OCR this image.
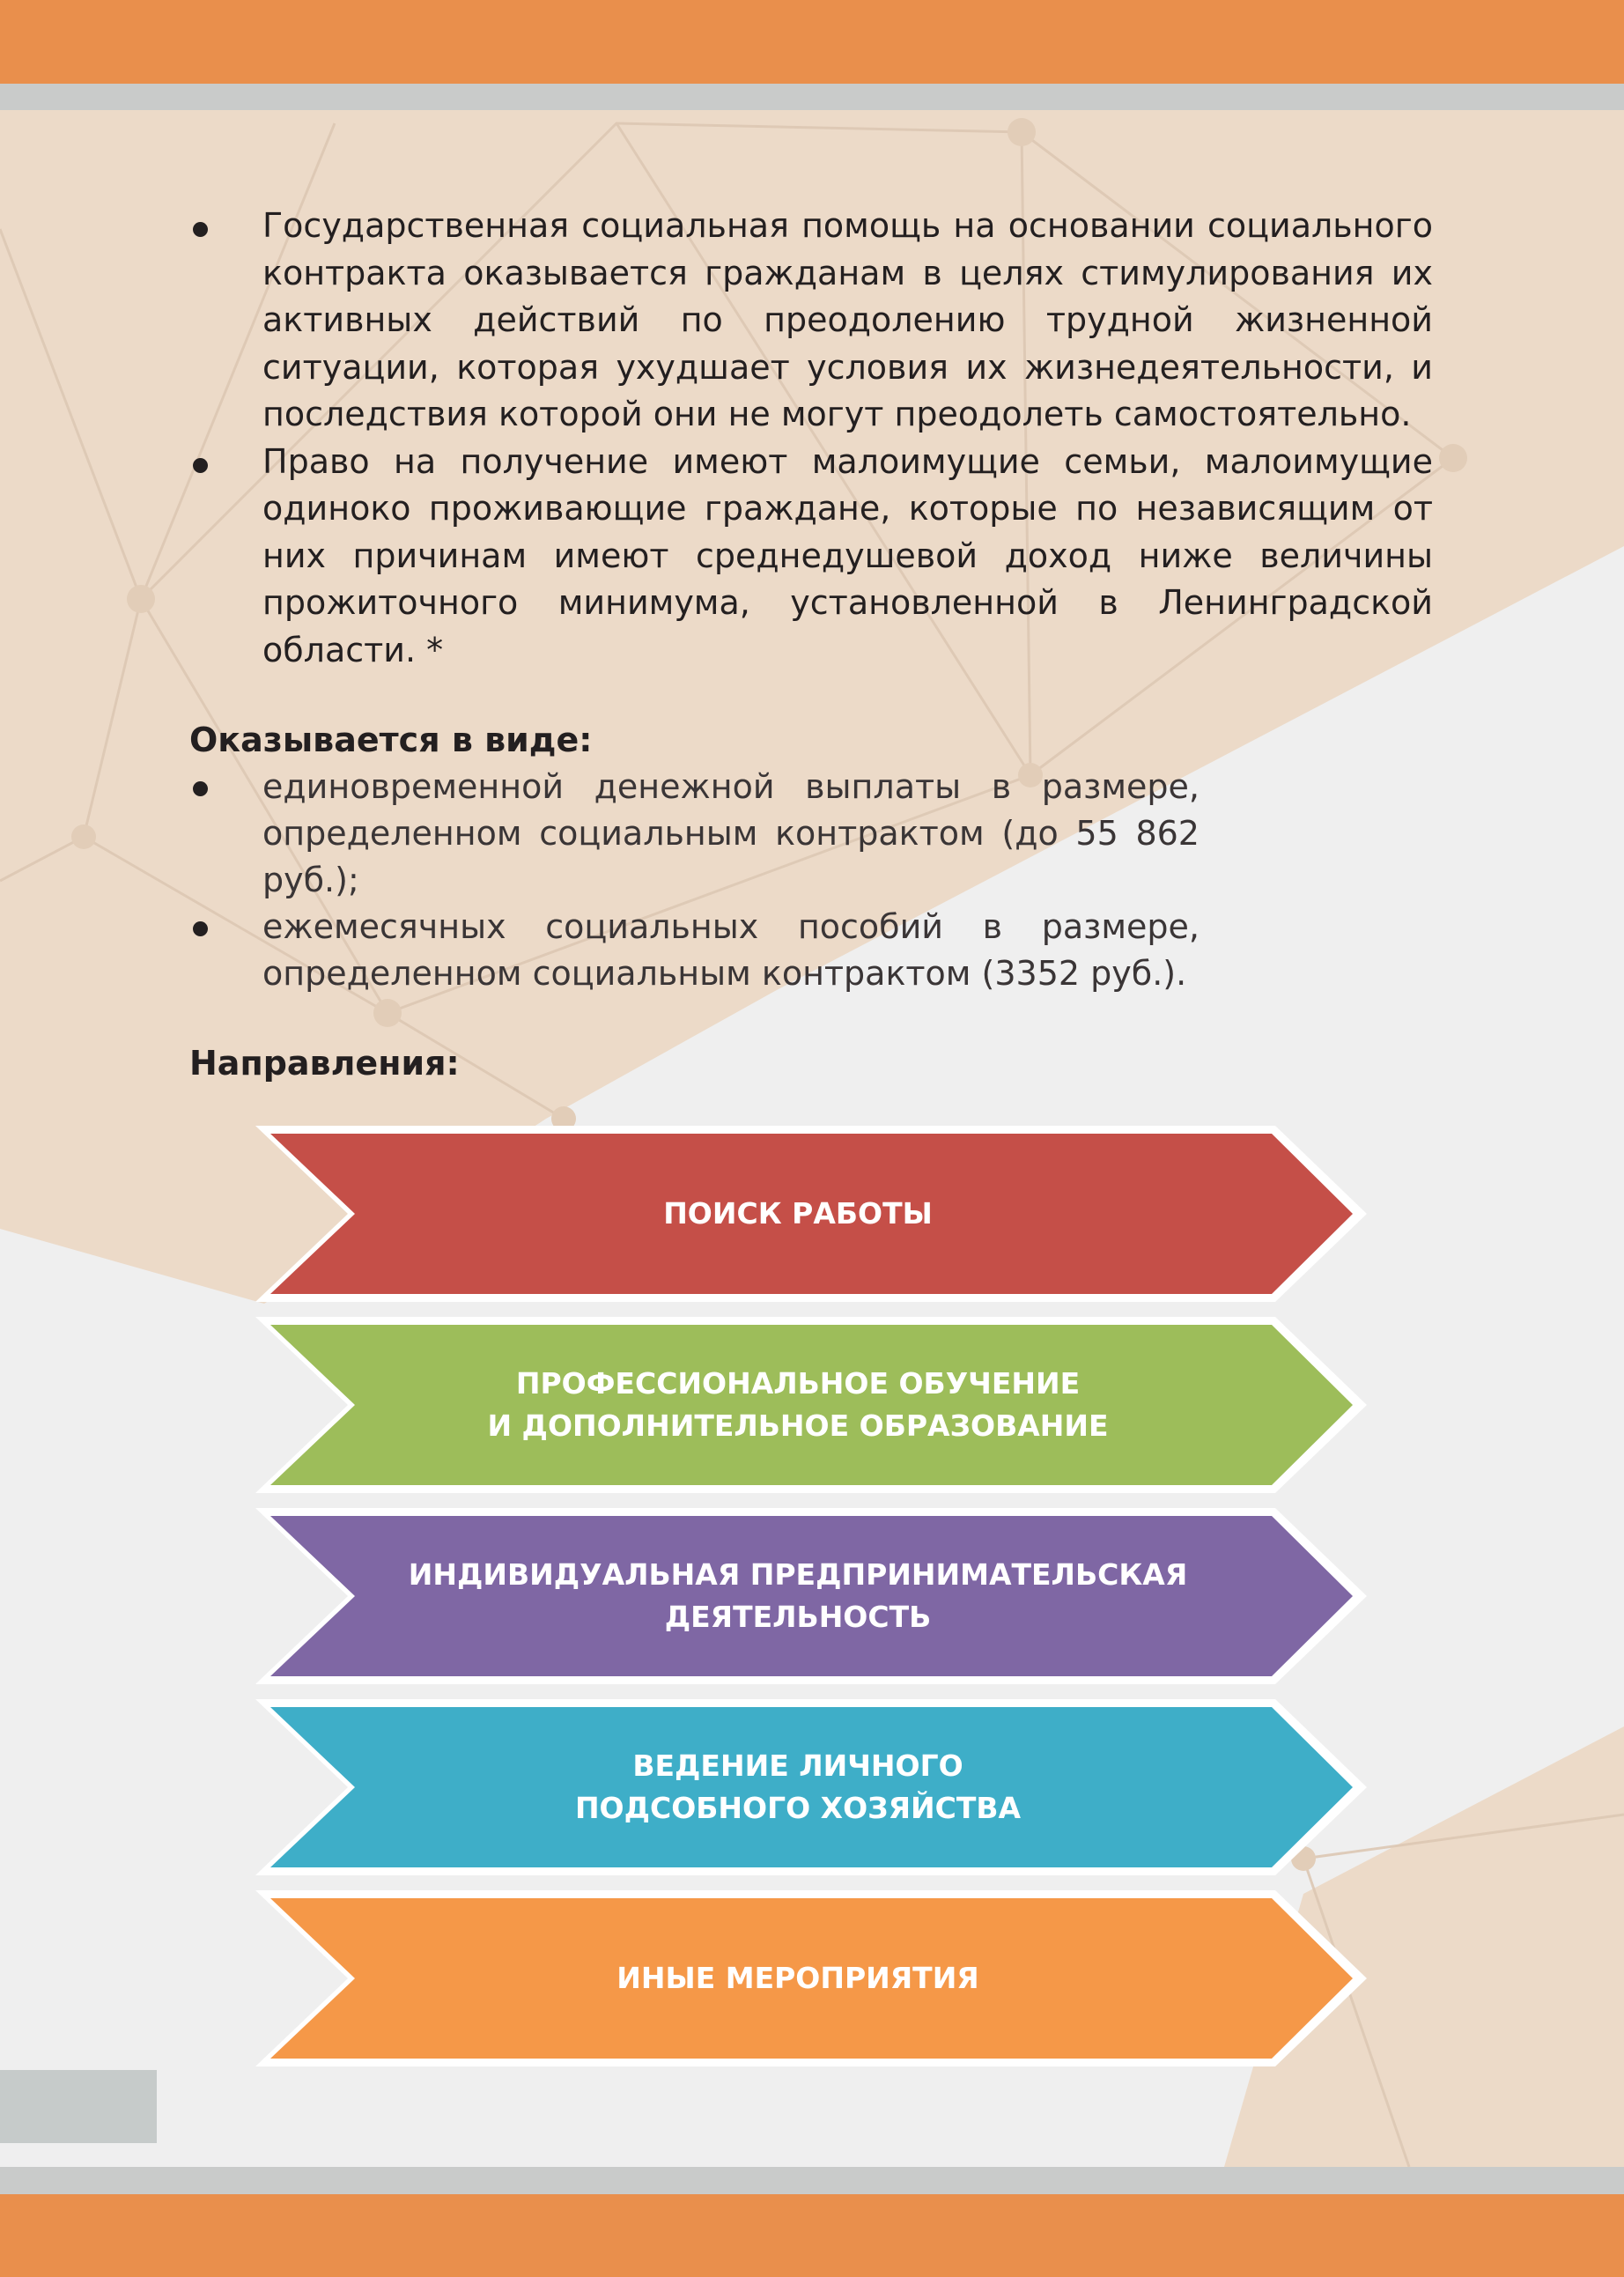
Государственная социальная помощь на основании социального контракта оказывается гражданам в целях стимулирования их активных действий по преодолению трудной жизненной ситуации, которая ухудшает условия их жизнедеятельности, и последствия которой они не могут преодолеть самостоятельно.
Право на получение имеют малоимущие семьи, малоимущие одиноко проживающие граждане, которые по независящим от них причинам имеют среднедушевой доход ниже величины прожиточного минимума, установленной в Ленинградской области. *

Оказывается в виде:

единовременной денежной выплаты в размере, определенном социальным контрактом (до 55 862 руб.);
ежемесячных социальных пособий в размере, определенном социальным контрактом (3352 руб.).

Направления:

ПОИСК РАБОТЫ
ПРОФЕССИОНАЛЬНОЕ ОБУЧЕНИЕ
И ДОПОЛНИТЕЛЬНОЕ ОБРАЗОВАНИЕ
ИНДИВИДУАЛЬНАЯ ПРЕДПРИНИМАТЕЛЬСКАЯ
ДЕЯТЕЛЬНОСТЬ
ВЕДЕНИЕ ЛИЧНОГО
ПОДСОБНОГО ХОЗЯЙСТВА
ИНЫЕ МЕРОПРИЯТИЯ
